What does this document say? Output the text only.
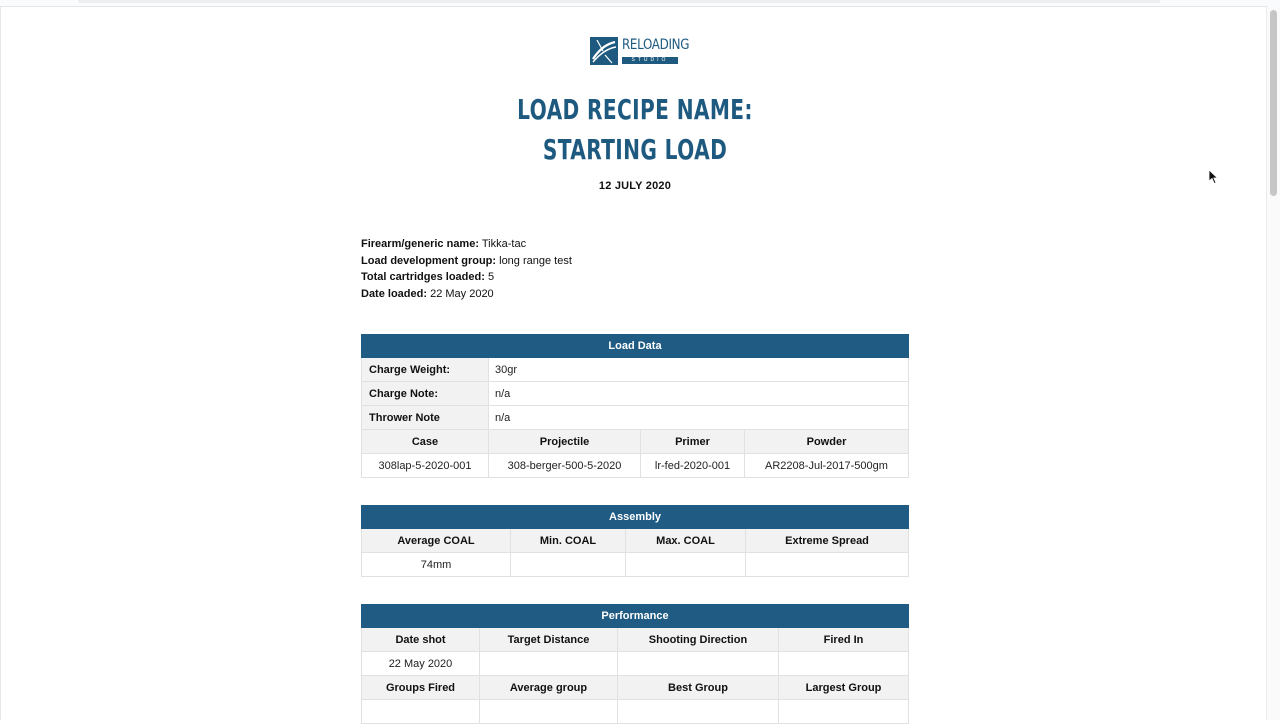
RELOADING
STUDIO
LOAD RECIPE NAME:
STARTING LOAD
12 JULY 2020
Firearm/generic name: Tikka-tac
Load development group: long range test
Total cartridges loaded: 5
Date loaded: 22 May 2020
Load Data			
Charge Weight:	30gr		
Charge Note:	n/a		
Thrower Note	n/a		
Case	Projectile	Primer	Powder
308lap-5-2020-001	308-berger-500-5-2020	lr-fed-2020-001	AR2208-Jul-2017-500gm
Assembly			
Average COAL	Min. COAL	Max. COAL	Extreme Spread
74mm			
Performance			
Date shot	Target Distance	Shooting Direction	Fired In
22 May 2020			
Groups Fired	Average group	Best Group	Largest Group
